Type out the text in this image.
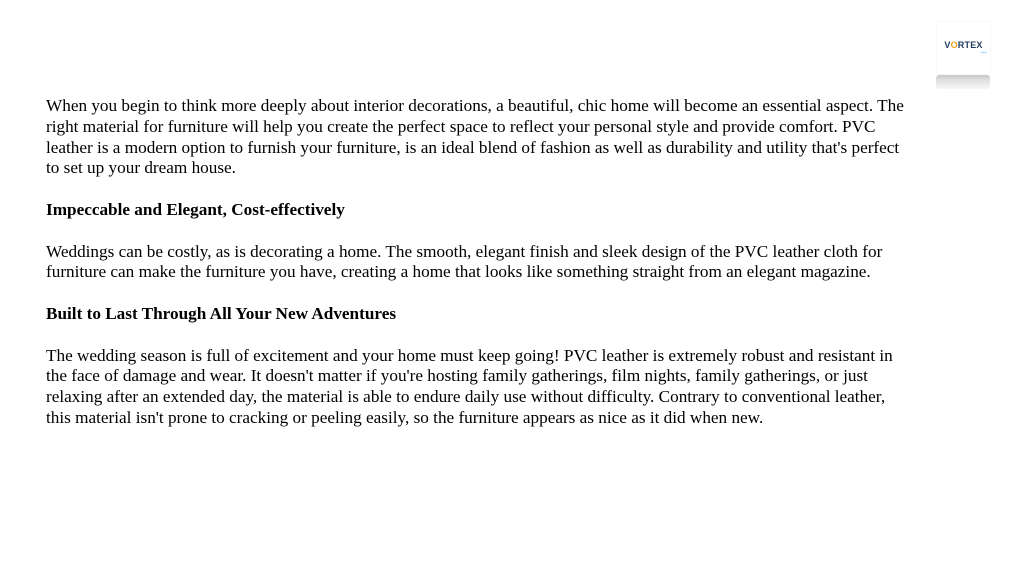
VORTEX
leather

When you begin to think more deeply about interior decorations, a beautiful, chic home will become an essential aspect. The right material for furniture will help you create the perfect space to reflect your personal style and provide comfort. PVC leather is a modern option to furnish your furniture, is an ideal blend of fashion as well as durability and utility that's perfect to set up your dream house.

Impeccable and Elegant, Cost-effectively

Weddings can be costly, as is decorating a home. The smooth, elegant finish and sleek design of the PVC leather cloth for furniture can make the furniture you have, creating a home that looks like something straight from an elegant magazine.

Built to Last Through All Your New Adventures

The wedding season is full of excitement and your home must keep going! PVC leather is extremely robust and resistant in the face of damage and wear. It doesn't matter if you're hosting family gatherings, film nights, family gatherings, or just relaxing after an extended day, the material is able to endure daily use without difficulty. Contrary to conventional leather, this material isn't prone to cracking or peeling easily, so the furniture appears as nice as it did when new.
